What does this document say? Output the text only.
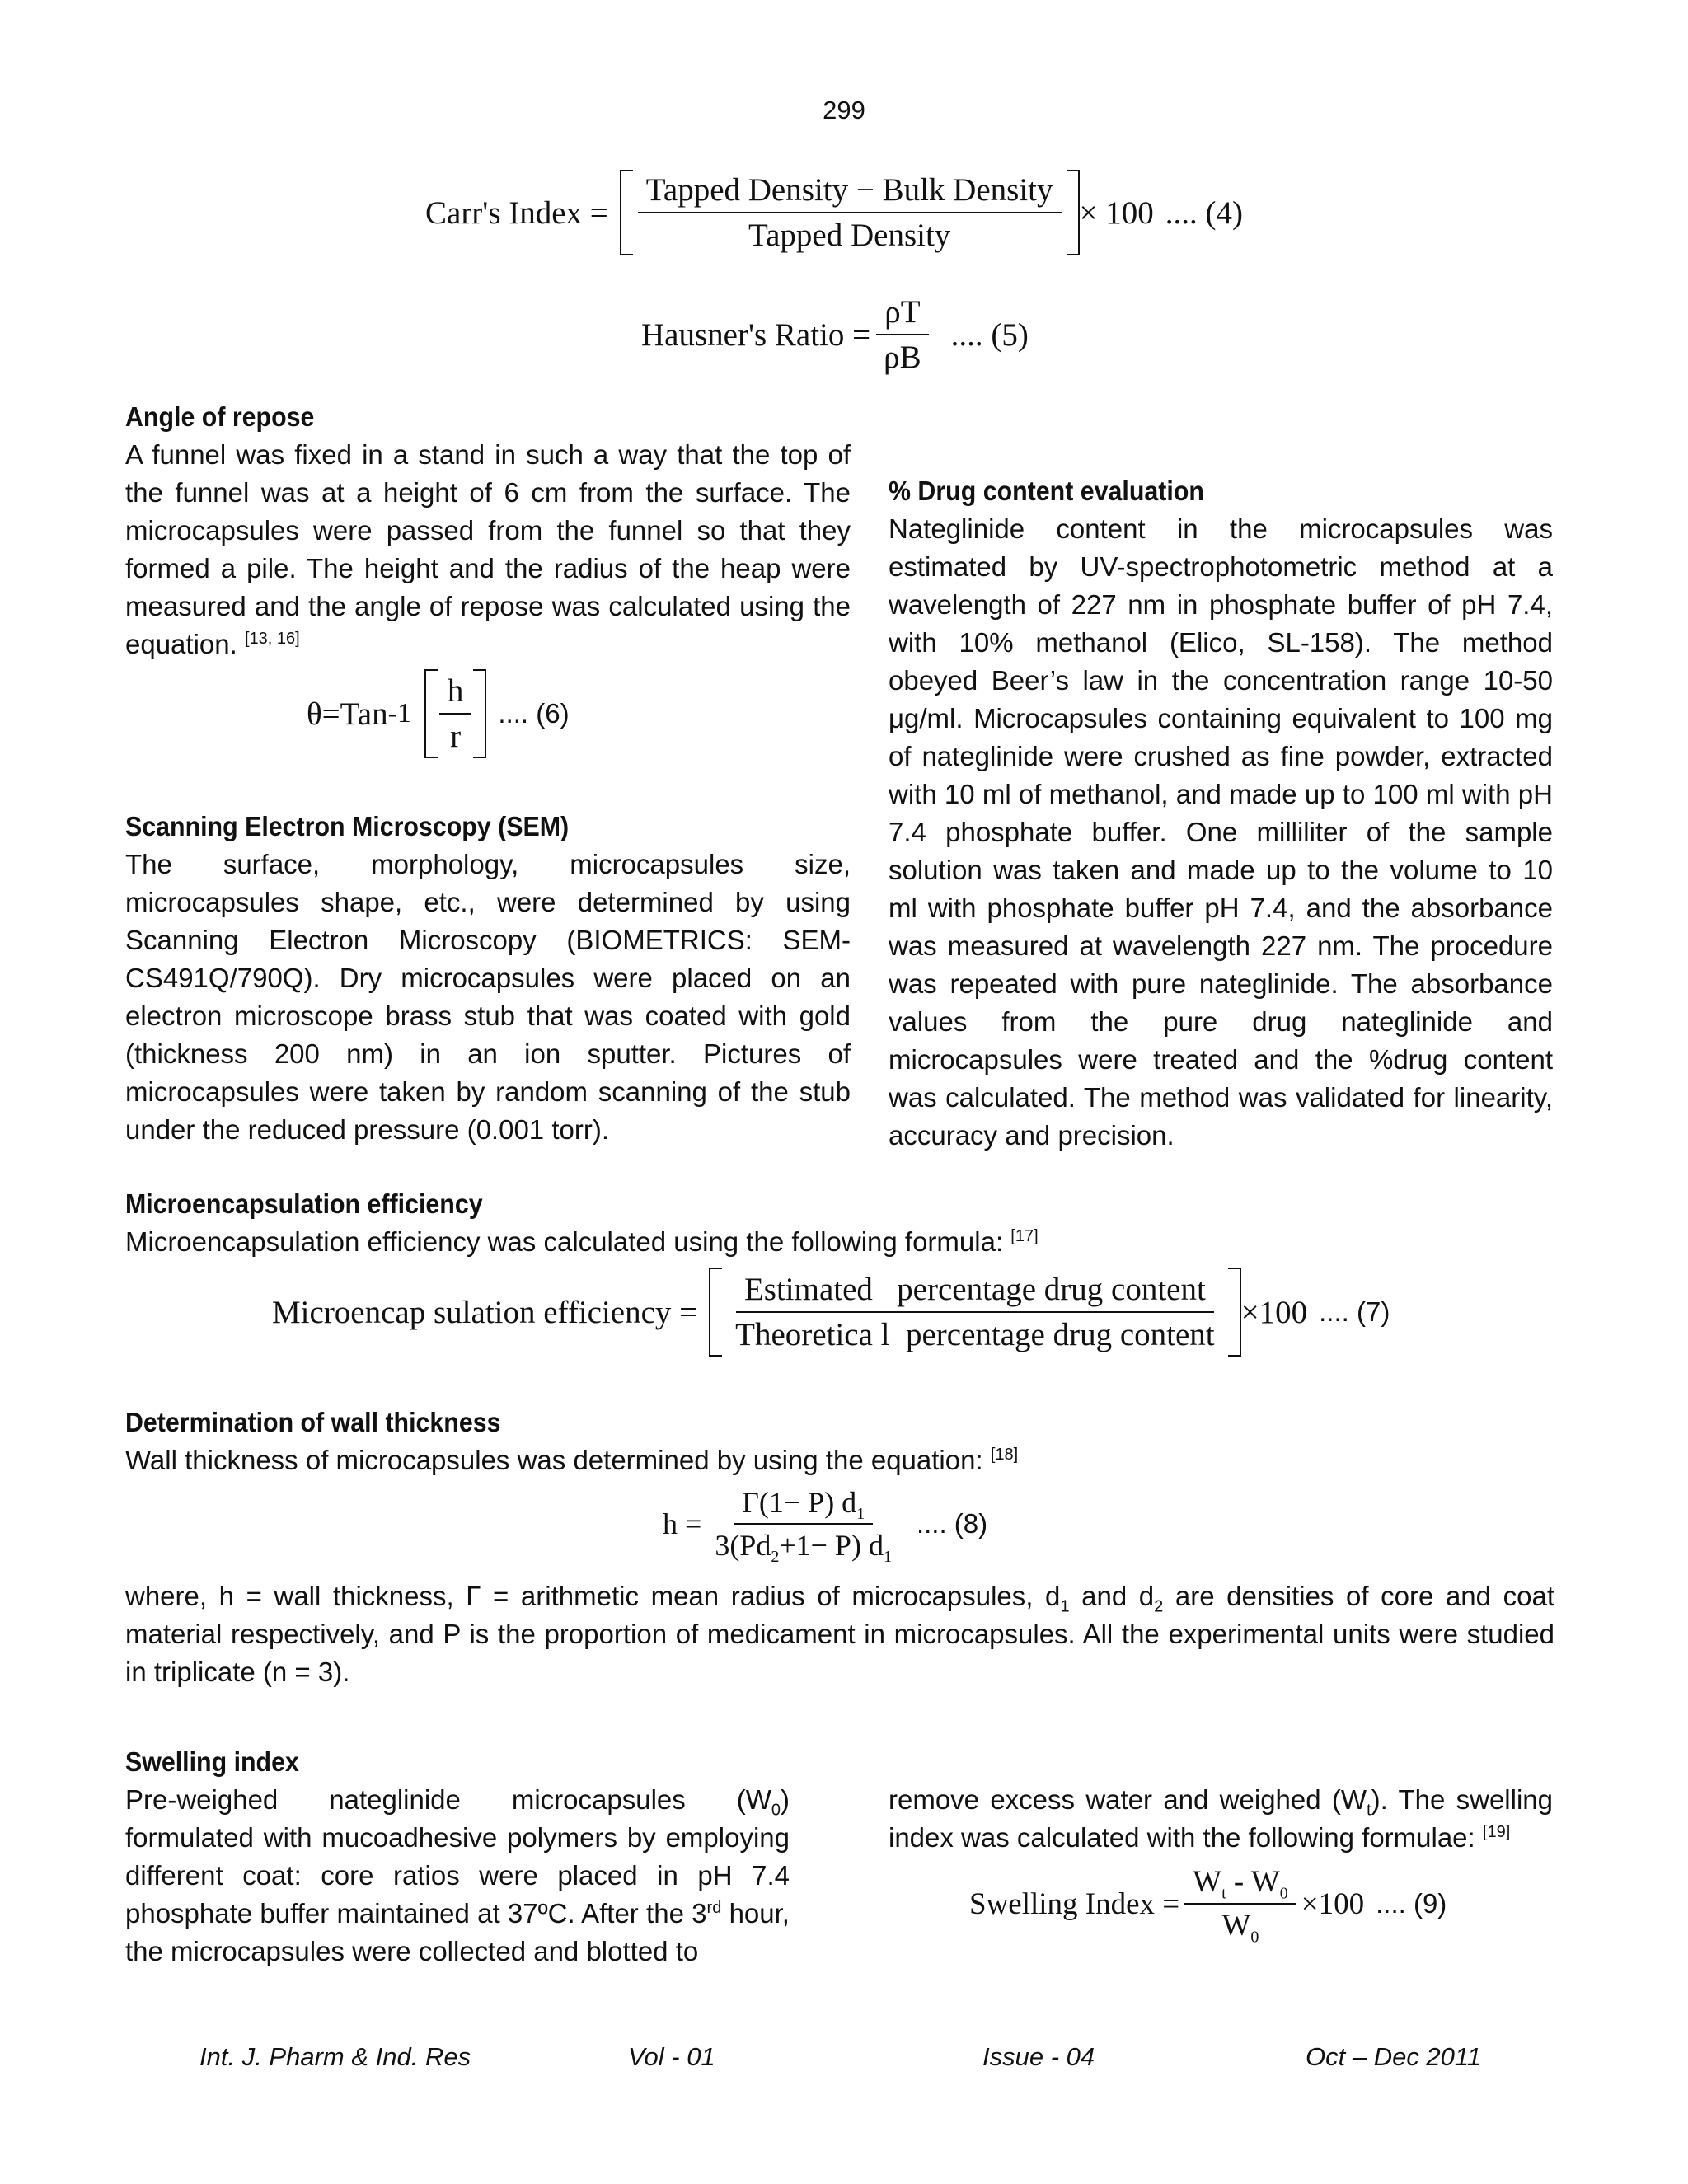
299
Carr's Index = $\frac{\text{Tapped Density − Bulk Density}}{\text{Tapped Density}} \times 100$ .... (4)
Hausner's Ratio = $\frac{\rho T}{\rho B}$ .... (5)
Angle of repose
A funnel was fixed in a stand in such a way that the top of the funnel was at a height of 6 cm from the surface. The microcapsules were passed from the funnel so that they formed a pile. The height and the radius of the heap were measured and the angle of repose was calculated using the equation. [13, 16]
θ=Tan $-1 \frac{h}{r}$ .... (6)
Scanning Electron Microscopy (SEM)
The surface, morphology, microcapsules size, microcapsules shape, etc., were determined by using Scanning Electron Microscopy (BIOMETRICS: SEM-CS491Q/790Q). Dry microcapsules were placed on an electron microscope brass stub that was coated with gold (thickness 200 nm) in an ion sputter. Pictures of microcapsules were taken by random scanning of the stub under the reduced pressure (0.001 torr).
% Drug content evaluation
Nateglinide content in the microcapsules was estimated by UV-spectrophotometric method at a wavelength of 227 nm in phosphate buffer of pH 7.4, with 10% methanol (Elico, SL-158). The method obeyed Beer’s law in the concentration range 10-50 μg/ml. Microcapsules containing equivalent to 100 mg of nateglinide were crushed as fine powder, extracted with 10 ml of methanol, and made up to 100 ml with pH 7.4 phosphate buffer. One milliliter of the sample solution was taken and made up to the volume to 10 ml with phosphate buffer pH 7.4, and the absorbance was measured at wavelength 227 nm. The procedure was repeated with pure nateglinide. The absorbance values from the pure drug nateglinide and microcapsules were treated and the %drug content was calculated. The method was validated for linearity, accuracy and precision.
Microencapsulation efficiency
Microencapsulation efficiency was calculated using the following formula: [17]
Microencap sulation efficiency = $\frac{\text{Estimated   percentage drug content}}{\text{Theoretica l  percentage drug content}} \times 100$ .... (7)
Determination of wall thickness
Wall thickness of microcapsules was determined by using the equation: [18]
$h = \frac{\Gamma(1- P) d_1}{3(Pd_2+1- P) d_1}$ .... (8)
where, h = wall thickness, Γ = arithmetic mean radius of microcapsules, $d_1$ and $d_2$ are densities of core and coat material respectively, and P is the proportion of medicament in microcapsules. All the experimental units were studied in triplicate (n = 3).
Swelling index
Pre-weighed nateglinide microcapsules $(W_0)$ formulated with mucoadhesive polymers by employing different coat: core ratios were placed in pH 7.4 phosphate buffer maintained at 37ºC. After the 3rd hour, the microcapsules were collected and blotted to
remove excess water and weighed $(W_t)$. The swelling index was calculated with the following formulae: [19]
Swelling Index = $\frac{W_t - W_0}{W_0} \times 100$ .... (9)
Int. J. Pharm & Ind. Res	Vol - 01	Issue - 04	Oct – Dec 2011
